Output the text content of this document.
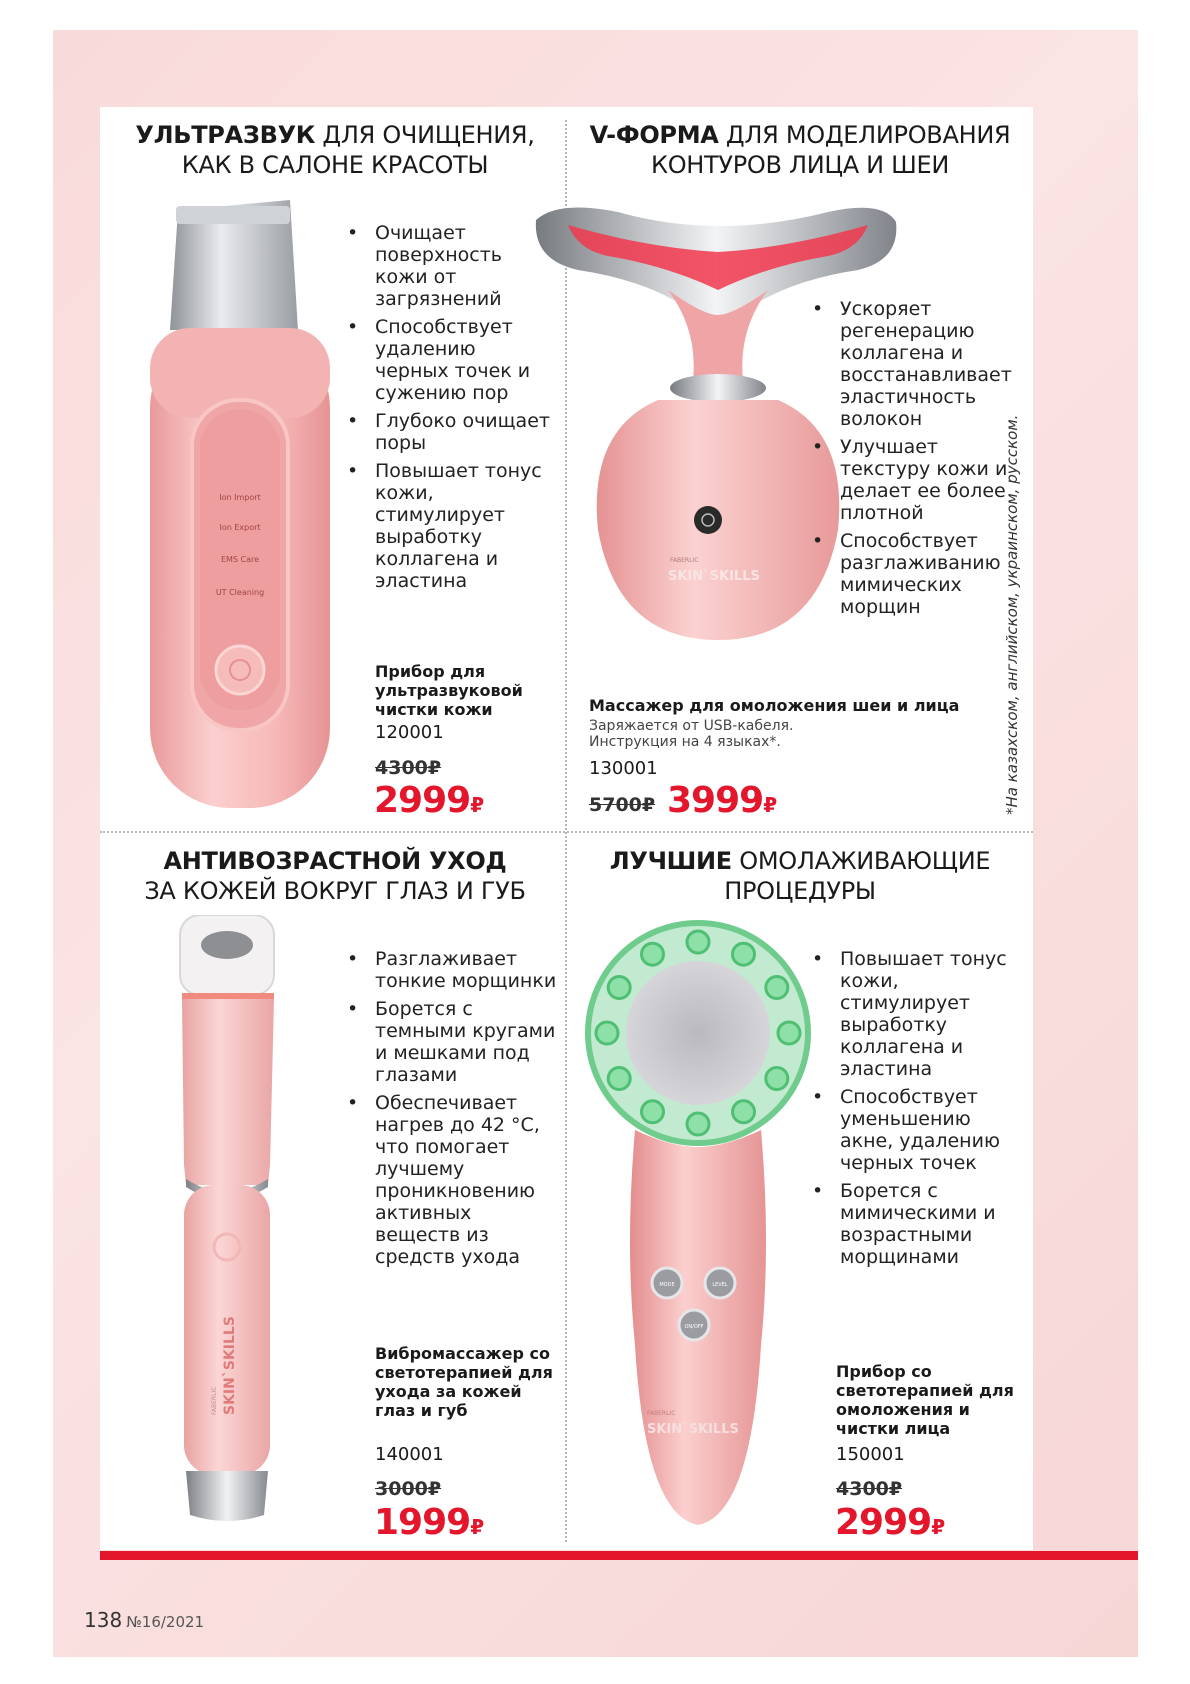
УЛЬТРАЗВУК ДЛЯ ОЧИЩЕНИЯ,
КАК В САЛОНЕ КРАСОТЫ
Ion Import
Ion Export
EMS Care
UT Cleaning
• Очищает поверхность кожи от загрязнений
• Способствует удалению черных точек и сужению пор
• Глубоко очищает поры
• Повышает тонус кожи, стимулирует выработку коллагена и эластина
Прибор для ультразвуковой чистки кожи
120001
4300₽
2999₽
V-ФОРМА ДЛЯ МОДЕЛИРОВАНИЯ
КОНТУРОВ ЛИЦА И ШЕИ
FABERLIC
SKIN`SKILLS
• Ускоряет регенерацию коллагена и восстанавливает эластичность волокон
• Улучшает текстуру кожи и делает ее более плотной
• Способствует разглаживанию мимических морщин
Массажер для омоложения шеи и лица
Заряжается от USB-кабеля. Инструкция на 4 языках*.
130001
5700₽ 3999₽	*На казахском, английском, украинском, русском.
АНТИВОЗРАСТНОЙ УХОД
ЗА КОЖЕЙ ВОКРУГ ГЛАЗ И ГУБ
SKIN`SKILLS
FABERLIC
• Разглаживает тонкие морщинки
• Борется с темными кругами и мешками под глазами
• Обеспечивает нагрев до 42 °С, что помогает лучшему проникновению активных веществ из средств ухода
Вибромассажер со светотерапией для ухода за кожей глаз и губ
140001
3000₽
1999₽
ЛУЧШИЕ ОМОЛАЖИВАЮЩИЕ
ПРОЦЕДУРЫ
MODE	LEVEL
ON/OFF
FABERLIC
SKIN`SKILLS
• Повышает тонус кожи, стимулирует выработку коллагена и эластина
• Способствует уменьшению акне, удалению черных точек
• Борется с мимическими и возрастными морщинами
Прибор со светотерапией для омоложения и чистки лица
150001
4300₽
2999₽
138 №16/2021
